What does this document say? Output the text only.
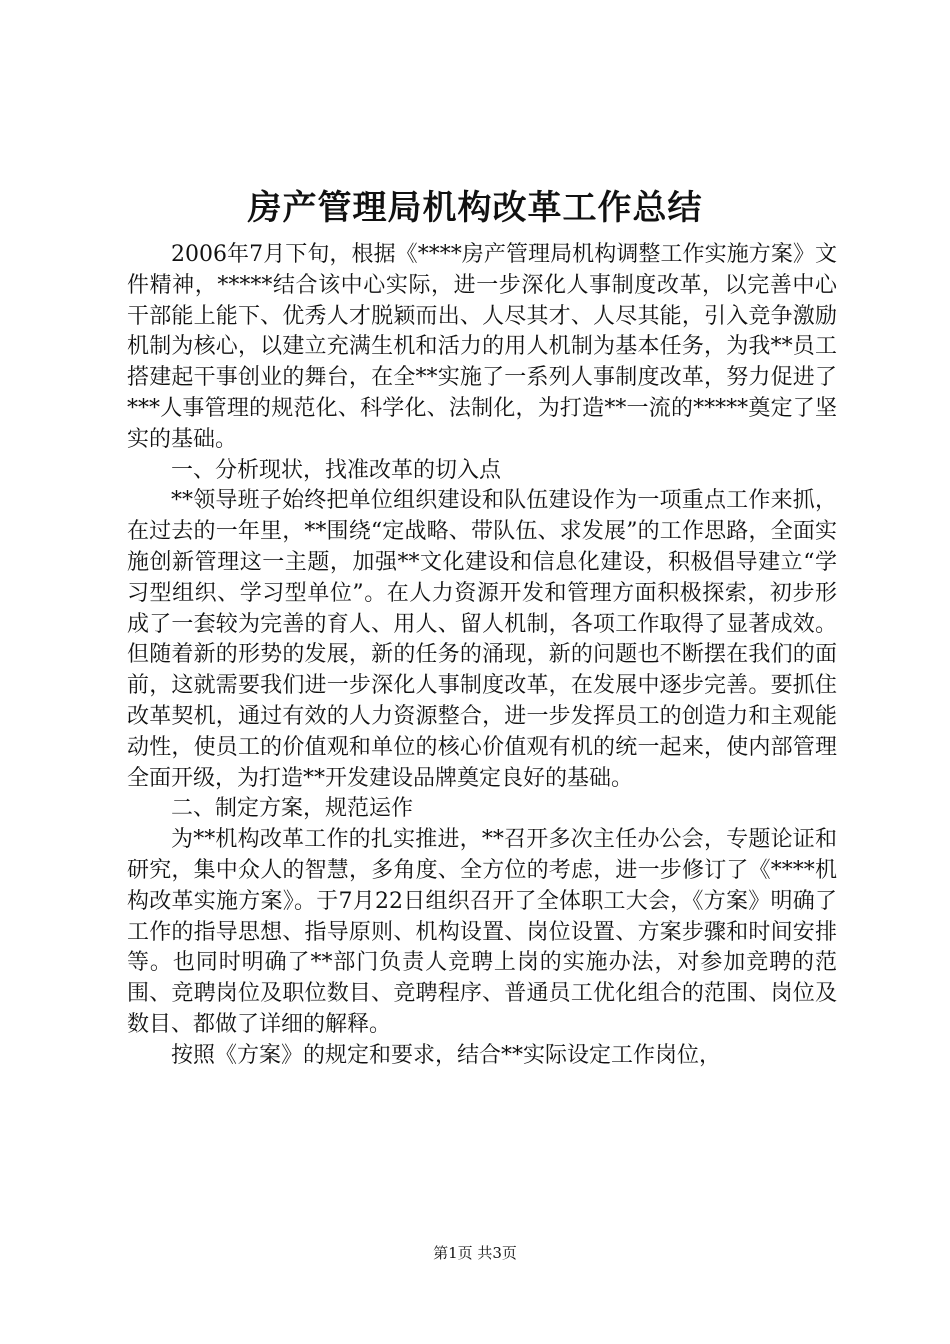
房产管理局机构改革工作总结

2006年7月下旬，根据《****房产管理局机构调整工作实施方案》文件精神，*****结合该中心实际，进一步深化人事制度改革，以完善中心干部能上能下、优秀人才脱颖而出、人尽其才、人尽其能，引入竞争激励机制为核心，以建立充满生机和活力的用人机制为基本任务，为我**员工搭建起干事创业的舞台，在全**实施了一系列人事制度改革，努力促进了***人事管理的规范化、科学化、法制化，为打造**一流的*****奠定了坚实的基础。

一、分析现状，找准改革的切入点

**领导班子始终把单位组织建设和队伍建设作为一项重点工作来抓，在过去的一年里，**围绕“定战略、带队伍、求发展”的工作思路，全面实施创新管理这一主题，加强**文化建设和信息化建设，积极倡导建立“学习型组织、学习型单位”。在人力资源开发和管理方面积极探索，初步形成了一套较为完善的育人、用人、留人机制，各项工作取得了显著成效。但随着新的形势的发展，新的任务的涌现，新的问题也不断摆在我们的面前，这就需要我们进一步深化人事制度改革，在发展中逐步完善。要抓住改革契机，通过有效的人力资源整合，进一步发挥员工的创造力和主观能动性，使员工的价值观和单位的核心价值观有机的统一起来，使内部管理全面开级，为打造**开发建设品牌奠定良好的基础。

二、制定方案，规范运作

为**机构改革工作的扎实推进，**召开多次主任办公会，专题论证和研究，集中众人的智慧，多角度、全方位的考虑，进一步修订了《****机构改革实施方案》。于7月22日组织召开了全体职工大会，《方案》明确了工作的指导思想、指导原则、机构设置、岗位设置、方案步骤和时间安排等。也同时明确了**部门负责人竞聘上岗的实施办法，对参加竞聘的范围、竞聘岗位及职位数目、竞聘程序、普通员工优化组合的范围、岗位及数目、都做了详细的解释。

按照《方案》的规定和要求，结合**实际设定工作岗位，

第1页 共3页
